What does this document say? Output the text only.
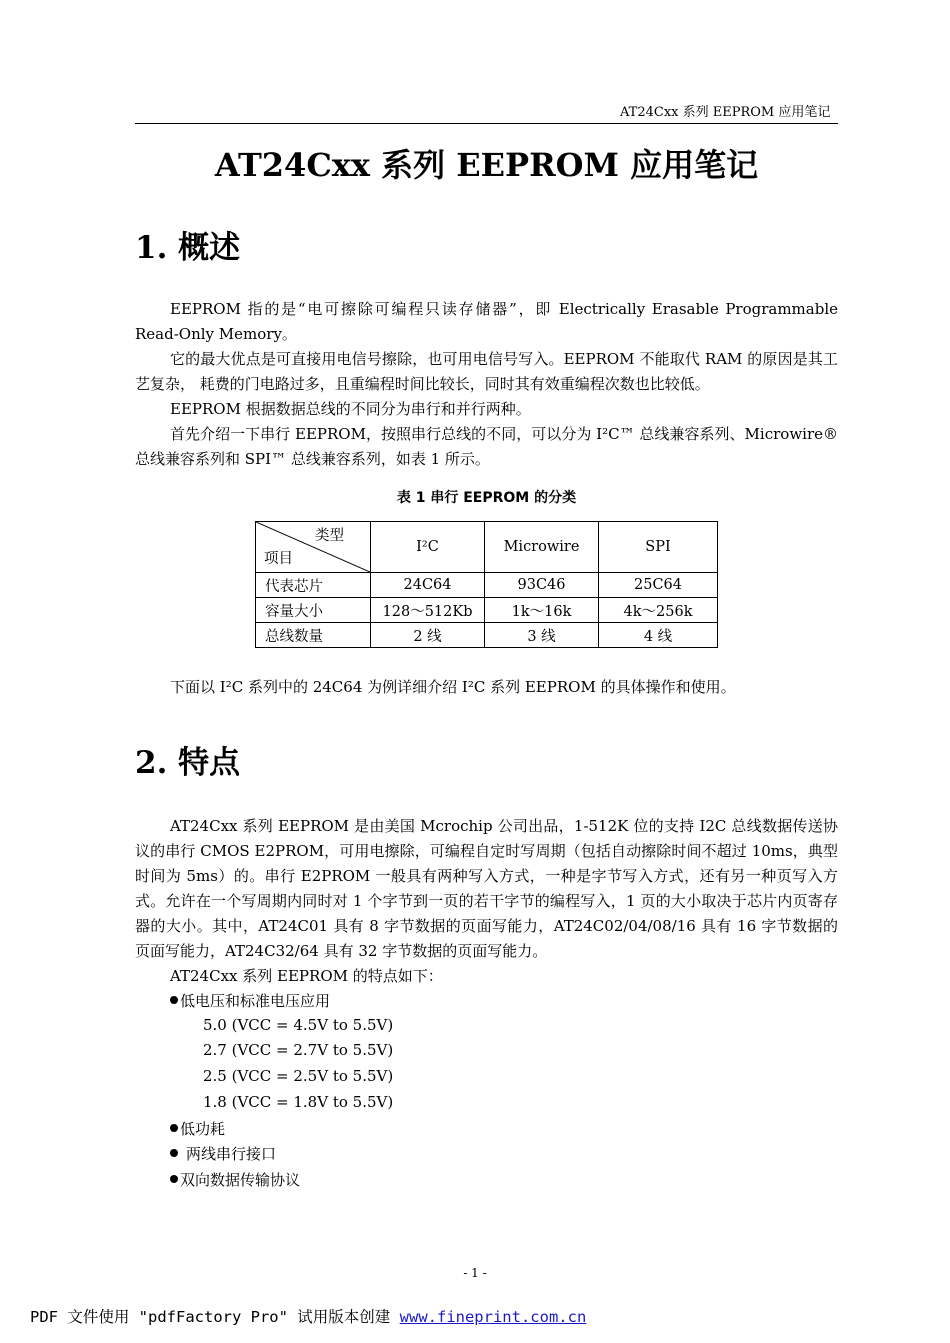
AT24Cxx 系列 EEPROM 应用笔记
AT24Cxx 系列 EEPROM 应用笔记
1. 概述

EEPROM 指的是“电可擦除可编程只读存储器”，即 Electrically Erasable Programmable Read-Only Memory。

它的最大优点是可直接用电信号擦除，也可用电信号写入。EEPROM 不能取代 RAM 的原因是其工艺复杂， 耗费的门电路过多，且重编程时间比较长，同时其有效重编程次数也比较低。

EEPROM 根据数据总线的不同分为串行和并行两种。

首先介绍一下串行 EEPROM，按照串行总线的不同，可以分为 I²C™ 总线兼容系列、Microwire®总线兼容系列和 SPI™ 总线兼容系列，如表 1 所示。

表 1 串行 EEPROM 的分类
类型
项目	I²C	Microwire	SPI
代表芯片	24C64	93C46	25C64
容量大小	128～512Kb	1k～16k	4k～256k
总线数量	2 线	3 线	4 线
下面以 I²C 系列中的 24C64 为例详细介绍 I²C 系列 EEPROM 的具体操作和使用。
2. 特点

AT24Cxx 系列 EEPROM 是由美国 Mcrochip 公司出品，1-512K 位的支持 I2C 总线数据传送协议的串行 CMOS E2PROM，可用电擦除，可编程自定时写周期（包括自动擦除时间不超过 10ms，典型时间为 5ms）的。串行 E2PROM 一般具有两种写入方式，一种是字节写入方式，还有另一种页写入方式。允许在一个写周期内同时对 1 个字节到一页的若干字节的编程写入，1 页的大小取决于芯片内页寄存器的大小。其中，AT24C01 具有 8 字节数据的页面写能力，AT24C02/04/08/16 具有 16 字节数据的页面写能力，AT24C32/64 具有 32 字节数据的页面写能力。

AT24Cxx 系列 EEPROM 的特点如下：

低电压和标准电压应用
5.0 (VCC = 4.5V to 5.5V)
2.7 (VCC = 2.7V to 5.5V)
2.5 (VCC = 2.5V to 5.5V)
1.8 (VCC = 1.8V to 5.5V)
低功耗
两线串行接口
双向数据传输协议
- 1 -
PDF 文件使用 "pdfFactory Pro" 试用版本创建 www.fineprint.com.cn
